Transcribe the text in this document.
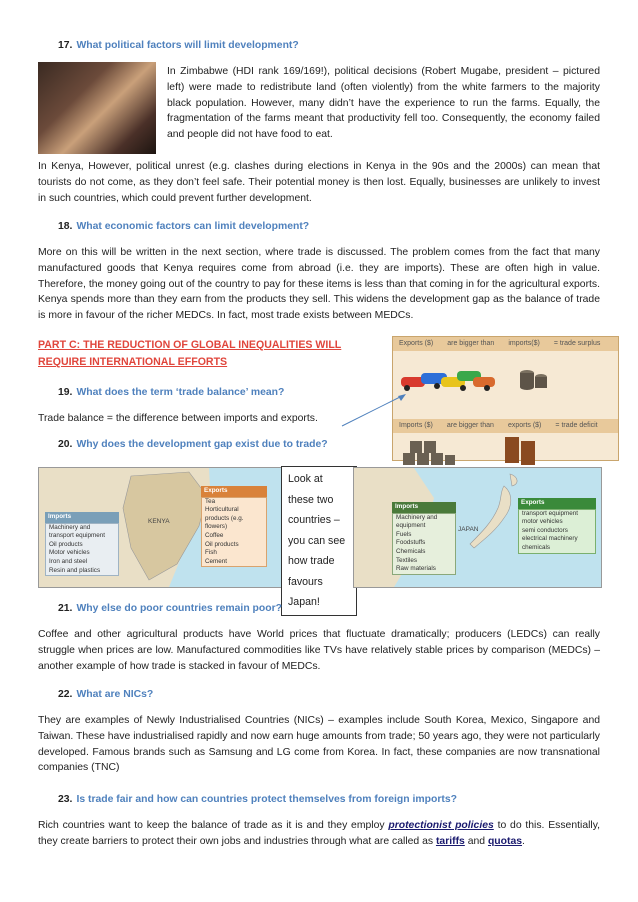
17. What political factors will limit development?
In Zimbabwe (HDI rank 169/169!), political decisions (Robert Mugabe, president – pictured left) were made to redistribute land (often violently) from the white farmers to the majority black population. However, many didn’t have the experience to run the farms. Equally, the fragmentation of the farms meant that productivity fell too. Consequently, the economy failed and people did not have food to eat.
In Kenya, However, political unrest (e.g. clashes during elections in Kenya in the 90s and the 2000s) can mean that tourists do not come, as they don’t feel safe. Their potential money is then lost. Equally, businesses are unlikely to invest in such countries, which could prevent further development.
18. What economic factors can limit development?
More on this will be written in the next section, where trade is discussed. The problem comes from the fact that many manufactured goods that Kenya requires come from abroad (i.e. they are imports). These are often high in value. Therefore, the money going out of the country to pay for these items is less than that coming in for the agricultural exports. Kenya spends more than they earn from the products they sell. This widens the development gap as the balance of trade is more in favour of the richer MEDCs. In fact, most trade exists between MEDCs.
PART C: THE REDUCTION OF GLOBAL INEQUALITIES WILL REQUIRE INTERNATIONAL EFFORTS
Exports ($) are bigger than imports($) = trade surplus
Imports ($) are bigger than exports ($) = trade deficit
19. What does the term ‘trade balance’ mean?
Trade balance = the difference between imports and exports.
20. Why does the development gap exist due to trade?
KENYA
Imports
Machinery and transport equipment
Oil products
Motor vehicles
Iron and steel
Resin and plastics
Exports
Tea
Horticultural products (e.g. flowers)
Coffee
Oil products
Fish
Cement
Look at these two countries – you can see how trade favours Japan!
JAPAN
Imports
Machinery and equipment
Fuels
Foodstuffs
Chemicals
Textiles
Raw materials
Exports
transport equipment
motor vehicles
semi conductors
electrical machinery
chemicals
21. Why else do poor countries remain poor?
Coffee and other agricultural products have World prices that fluctuate dramatically; producers (LEDCs) can really struggle when prices are low. Manufactured commodities like TVs have relatively stable prices by comparison (MEDCs) – another example of how trade is stacked in favour of MEDCs.
22. What are NICs?
They are examples of Newly Industrialised Countries (NICs) – examples include South Korea, Mexico, Singapore and Taiwan. These have industrialised rapidly and now earn huge amounts from trade; 50 years ago, they were not particularly developed. Famous brands such as Samsung and LG come from Korea. In fact, these companies are now transnational companies (TNC)
23. Is trade fair and how can countries protect themselves from foreign imports?
Rich countries want to keep the balance of trade as it is and they employ protectionist policies to do this. Essentially, they create barriers to protect their own jobs and industries through what are called as tariffs and quotas.
